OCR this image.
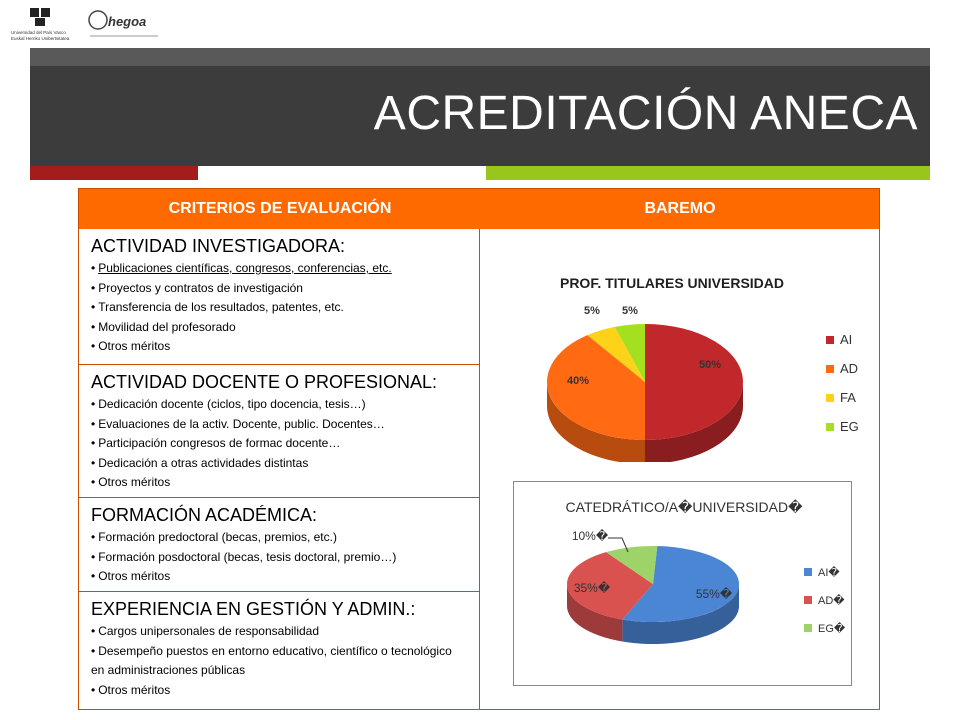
Universidad del País Vasco
Euskal Herriko Unibertsitatea
hegoa
ACREDITACIÓN ANECA
CRITERIOS DE EVALUACIÓN	BAREMO
ACTIVIDAD INVESTIGADORA:
• Publicaciones científicas, congresos, conferencias, etc.
• Proyectos y contratos de investigación
• Transferencia de los resultados, patentes, etc.
• Movilidad del profesorado
• Otros méritos
ACTIVIDAD DOCENTE O PROFESIONAL:
• Dedicación docente (ciclos, tipo docencia, tesis…)
• Evaluaciones de la activ. Docente, public. Docentes…
• Participación congresos de formac docente…
• Dedicación a otras actividades distintas
• Otros méritos
FORMACIÓN ACADÉMICA:
• Formación predoctoral (becas, premios, etc.)
• Formación posdoctoral (becas, tesis doctoral, premio…)
• Otros méritos
EXPERIENCIA EN GESTIÓN Y ADMIN.:
• Cargos unipersonales de responsabilidad
• Desempeño puestos en entorno educativo, científico o tecnológico en administraciones públicas
• Otros méritos
PROF. TITULARES UNIVERSIDAD
50%
40%
5% 5%
AI
AD
FA
EG
CATEDRÁTICO/A�UNIVERSIDAD�
55%�
35%�
10%�
AI�
AD�
EG�
